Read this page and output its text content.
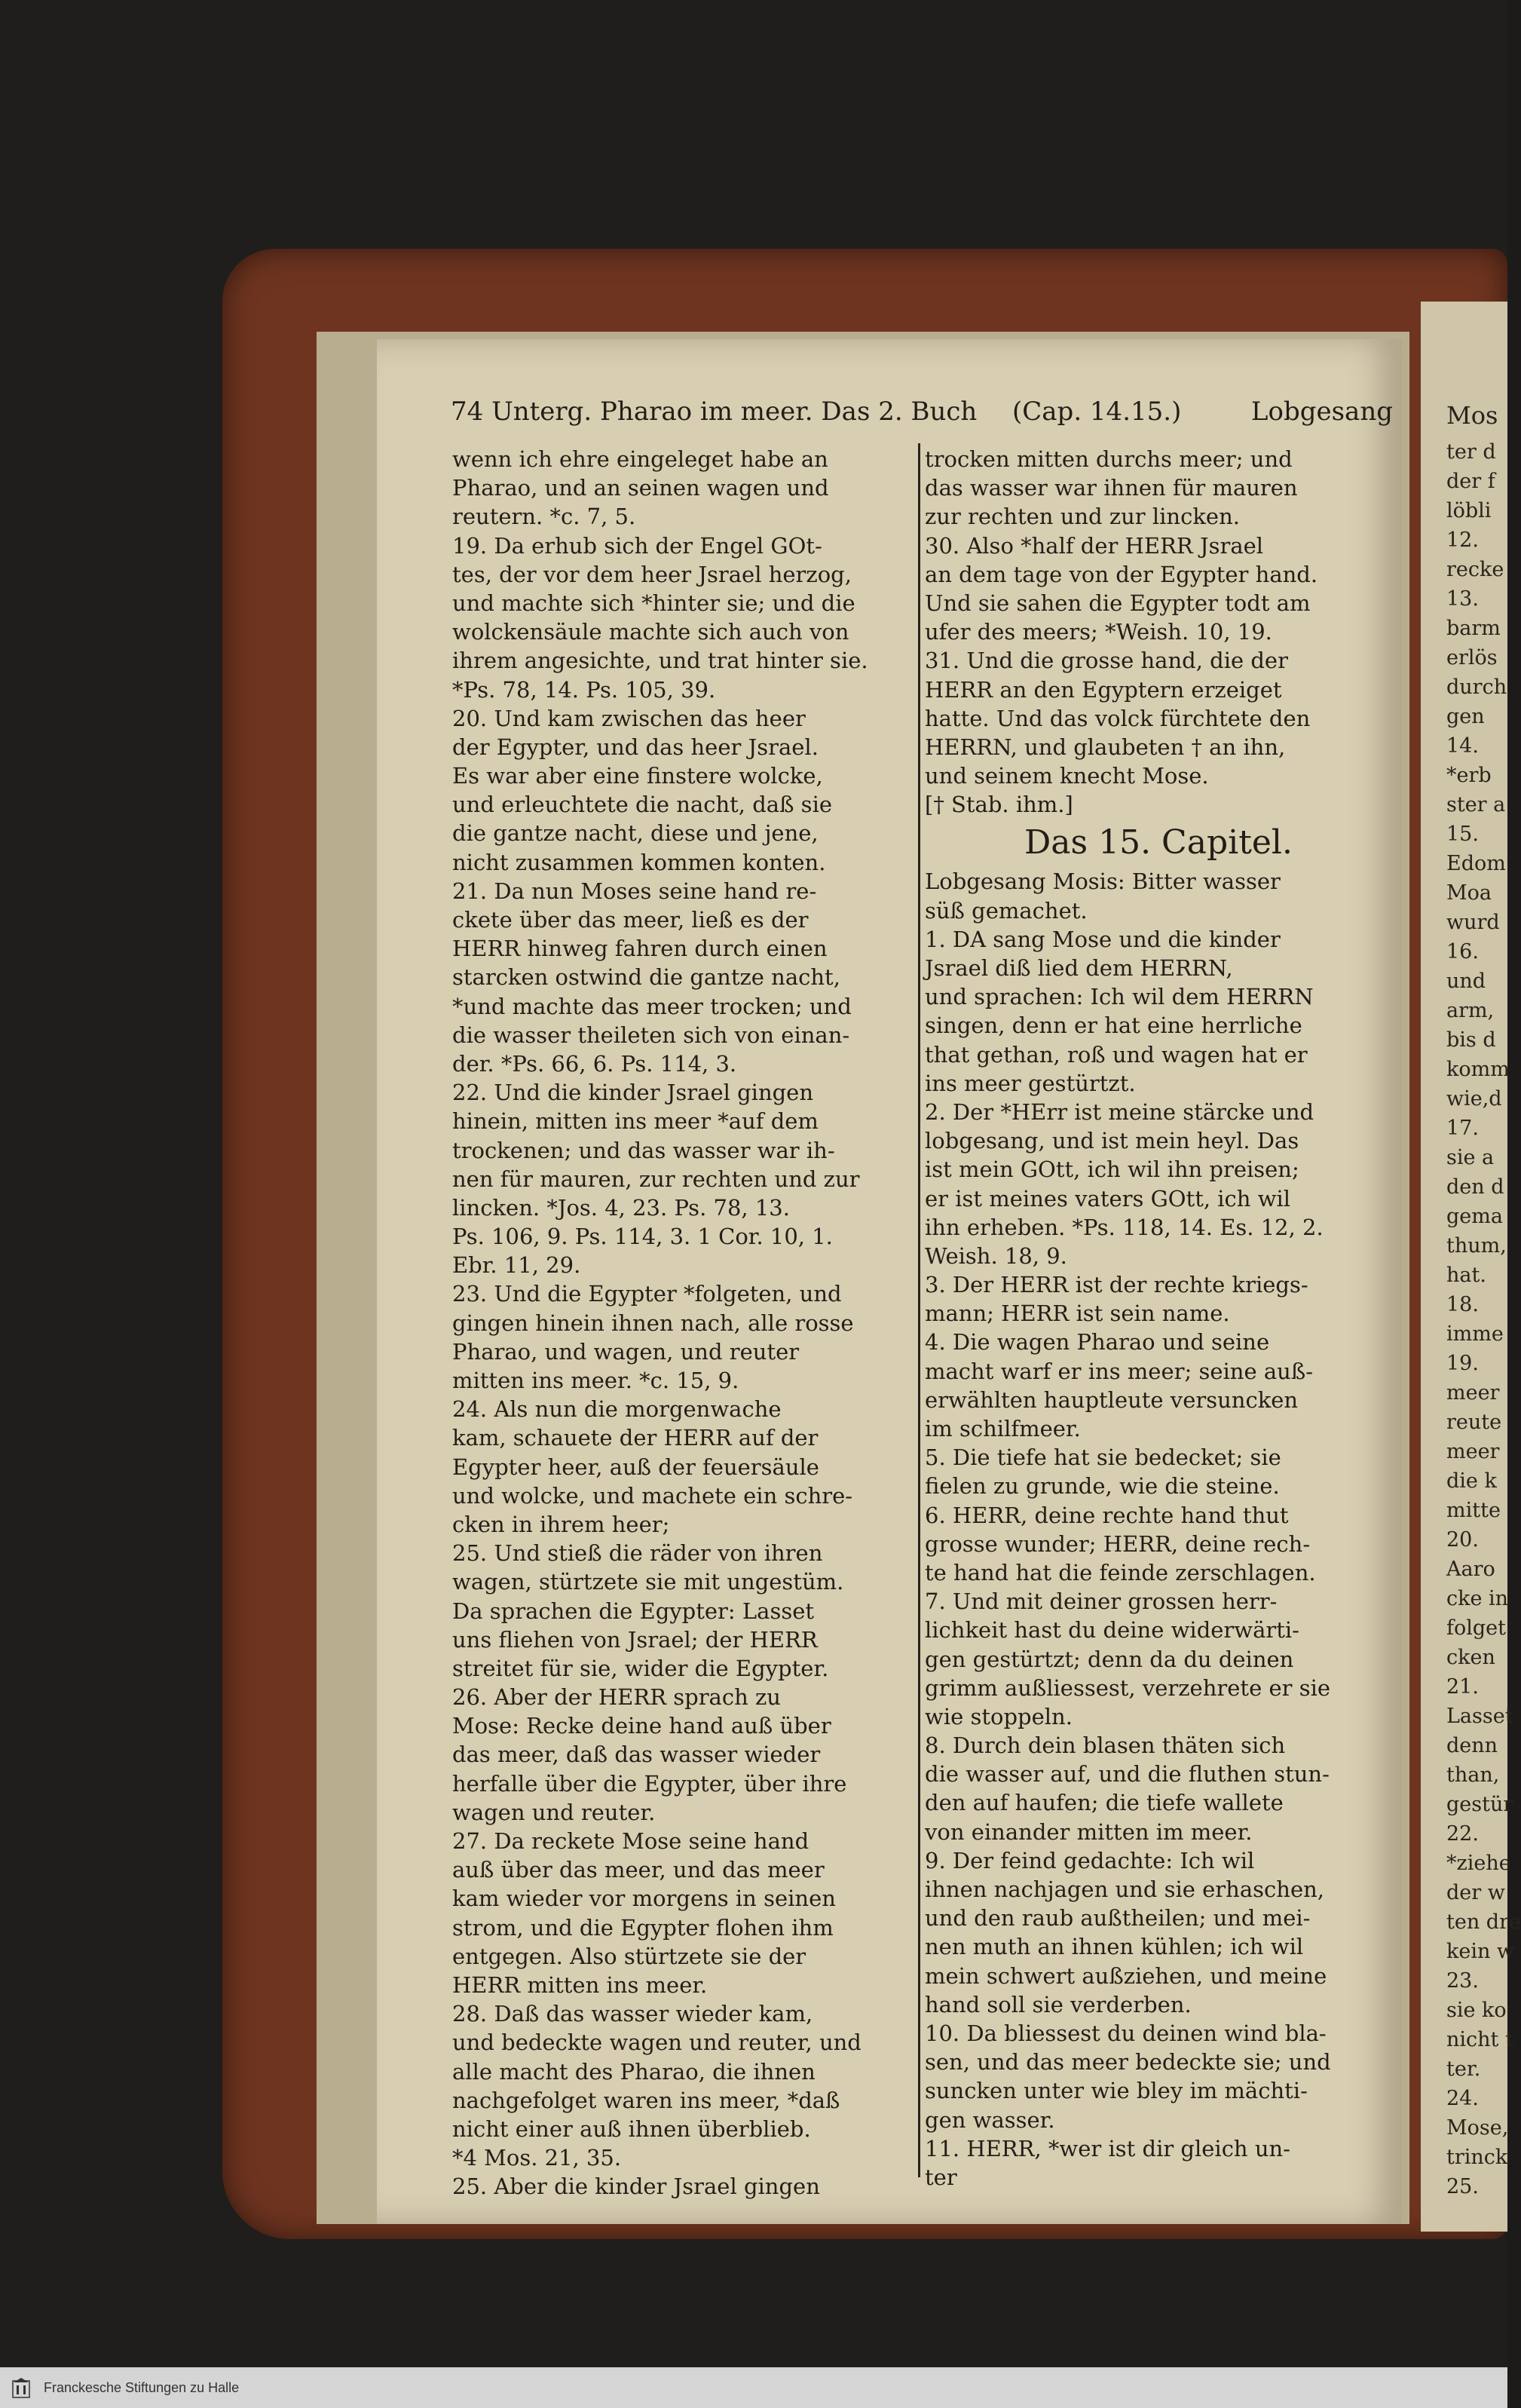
Mos
ter d
der f
löbli
12.
recke
13.
barm
erlös
durch
gen
14.
*erb
ster a
15.
Edom
Moa
wurd
16.
und
arm,
bis d
komm
wie,d
17.
sie a
den d
gema
thum,
hat.
18.
imme
19.
meer
reute
meer
die k
mitte
20.
Aaro
cke in
folget
cken
21.
Lasset
denn
than,
gestür
22.
*ziehe
der w
ten dre
kein w
23.
sie ko
nicht t
ter.
24.
Mose,
trinck
25.
74 Unterg. Pharao im meer. Das 2. Buch (Cap. 14.15.)	Lobgesang
wenn ich ehre eingeleget habe an
Pharao, und an seinen wagen und
reutern. *c. 7, 5.
19. Da erhub sich der Engel GOt-
tes, der vor dem heer Jsrael herzog,
und machte sich *hinter sie; und die
wolckensäule machte sich auch von
ihrem angesichte, und trat hinter sie.
*Ps. 78, 14. Ps. 105, 39.
20. Und kam zwischen das heer
der Egypter, und das heer Jsrael.
Es war aber eine finstere wolcke,
und erleuchtete die nacht, daß sie
die gantze nacht, diese und jene,
nicht zusammen kommen konten.
21. Da nun Moses seine hand re-
ckete über das meer, ließ es der
HERR hinweg fahren durch einen
starcken ostwind die gantze nacht,
*und machte das meer trocken; und
die wasser theileten sich von einan-
der. *Ps. 66, 6. Ps. 114, 3.
22. Und die kinder Jsrael gingen
hinein, mitten ins meer *auf dem
trockenen; und das wasser war ih-
nen für mauren, zur rechten und zur
lincken. *Jos. 4, 23. Ps. 78, 13.
Ps. 106, 9. Ps. 114, 3. 1 Cor. 10, 1.
Ebr. 11, 29.
23. Und die Egypter *folgeten, und
gingen hinein ihnen nach, alle rosse
Pharao, und wagen, und reuter
mitten ins meer. *c. 15, 9.
24. Als nun die morgenwache
kam, schauete der HERR auf der
Egypter heer, auß der feuersäule
und wolcke, und machete ein schre-
cken in ihrem heer;
25. Und stieß die räder von ihren
wagen, stürtzete sie mit ungestüm.
Da sprachen die Egypter: Lasset
uns fliehen von Jsrael; der HERR
streitet für sie, wider die Egypter.
26. Aber der HERR sprach zu
Mose: Recke deine hand auß über
das meer, daß das wasser wieder
herfalle über die Egypter, über ihre
wagen und reuter.
27. Da reckete Mose seine hand
auß über das meer, und das meer
kam wieder vor morgens in seinen
strom, und die Egypter flohen ihm
entgegen. Also stürtzete sie der
HERR mitten ins meer.
28. Daß das wasser wieder kam,
und bedeckte wagen und reuter, und
alle macht des Pharao, die ihnen
nachgefolget waren ins meer, *daß
nicht einer auß ihnen überblieb.
*4 Mos. 21, 35.
25. Aber die kinder Jsrael gingen
trocken mitten durchs meer; und
das wasser war ihnen für mauren
zur rechten und zur lincken.
30. Also *half der HERR Jsrael
an dem tage von der Egypter hand.
Und sie sahen die Egypter todt am
ufer des meers; *Weish. 10, 19.
31. Und die grosse hand, die der
HERR an den Egyptern erzeiget
hatte. Und das volck fürchtete den
HERRN, und glaubeten † an ihn,
und seinem knecht Mose.
[† Stab. ihm.]
Das 15. Capitel.
Lobgesang Mosis: Bitter wasser
süß gemachet.
1. DA sang Mose und die kinder
Jsrael diß lied dem HERRN,
und sprachen: Ich wil dem HERRN
singen, denn er hat eine herrliche
that gethan, roß und wagen hat er
ins meer gestürtzt.
2. Der *HErr ist meine stärcke und
lobgesang, und ist mein heyl. Das
ist mein GOtt, ich wil ihn preisen;
er ist meines vaters GOtt, ich wil
ihn erheben. *Ps. 118, 14. Es. 12, 2.
Weish. 18, 9.
3. Der HERR ist der rechte kriegs-
mann; HERR ist sein name.
4. Die wagen Pharao und seine
macht warf er ins meer; seine auß-
erwählten hauptleute versuncken
im schilfmeer.
5. Die tiefe hat sie bedecket; sie
fielen zu grunde, wie die steine.
6. HERR, deine rechte hand thut
grosse wunder; HERR, deine rech-
te hand hat die feinde zerschlagen.
7. Und mit deiner grossen herr-
lichkeit hast du deine widerwärti-
gen gestürtzt; denn da du deinen
grimm außliessest, verzehrete er sie
wie stoppeln.
8. Durch dein blasen thäten sich
die wasser auf, und die fluthen stun-
den auf haufen; die tiefe wallete
von einander mitten im meer.
9. Der feind gedachte: Ich wil
ihnen nachjagen und sie erhaschen,
und den raub außtheilen; und mei-
nen muth an ihnen kühlen; ich wil
mein schwert außziehen, und meine
hand soll sie verderben.
10. Da bliessest du deinen wind bla-
sen, und das meer bedeckte sie; und
suncken unter wie bley im mächti-
gen wasser.
11. HERR, *wer ist dir gleich un-
ter
Franckesche Stiftungen zu Halle
